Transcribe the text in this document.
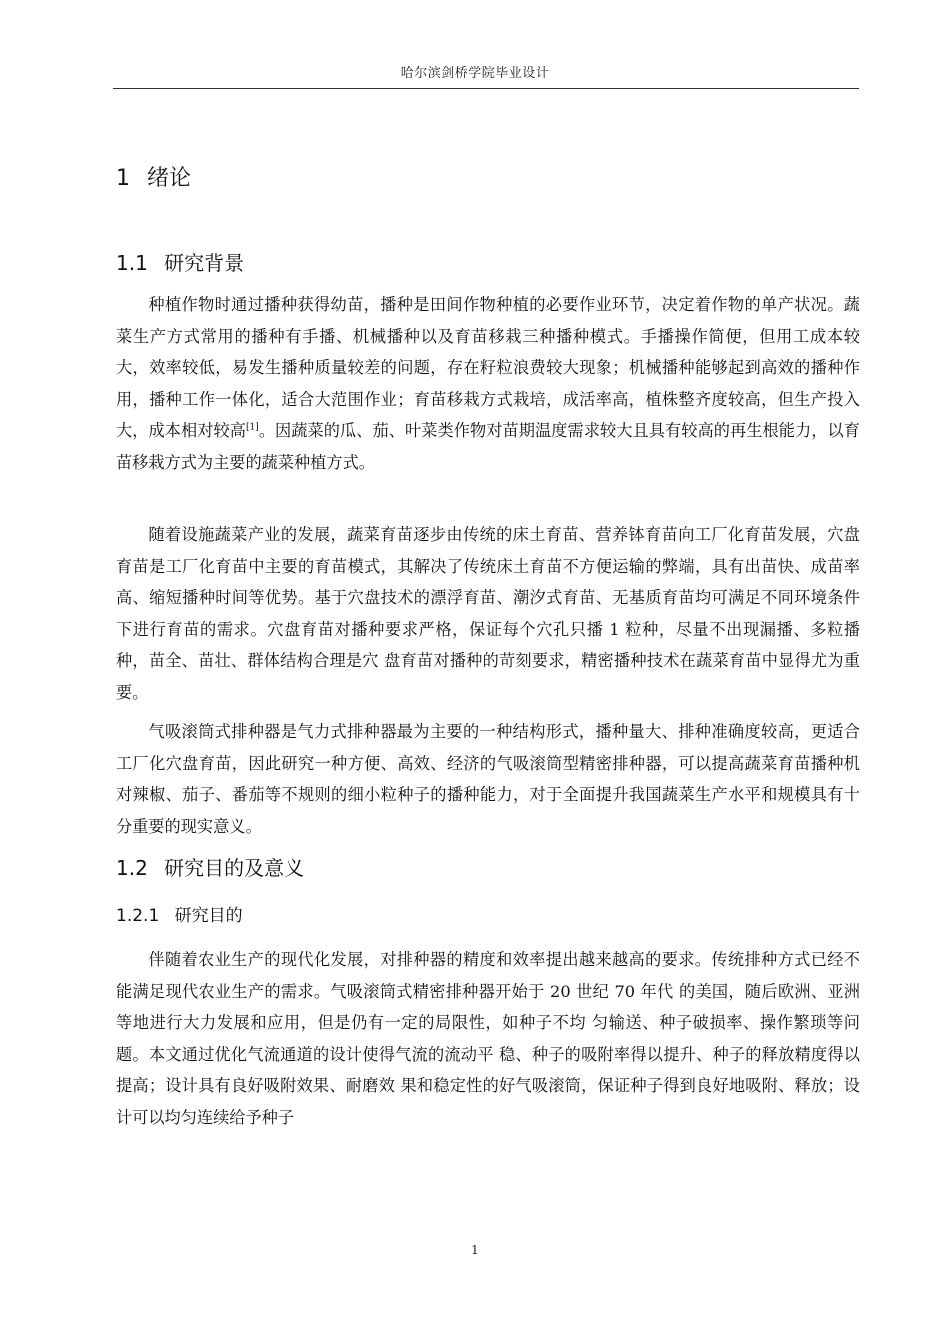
哈尔滨剑桥学院毕业设计
1 绪论
1.1 研究背景

种植作物时通过播种获得幼苗，播种是田间作物种植的必要作业环节，决定着作物的单产状况。蔬菜生产方式常用的播种有手播、机械播种以及育苗移栽三种播种模式。手播操作简便，但用工成本较大，效率较低，易发生播种质量较差的问题，存在籽粒浪费较大现象；机械播种能够起到高效的播种作用，播种工作一体化，适合大范围作业；育苗移栽方式栽培，成活率高，植株整齐度较高，但生产投入大，成本相对较高[1]。因蔬菜的瓜、茄、叶菜类作物对苗期温度需求较大且具有较高的再生根能力，以育苗移栽方式为主要的蔬菜种植方式。

随着设施蔬菜产业的发展，蔬菜育苗逐步由传统的床土育苗、营养钵育苗向工厂化育苗发展，穴盘育苗是工厂化育苗中主要的育苗模式，其解决了传统床土育苗不方便运输的弊端，具有出苗快、成苗率高、缩短播种时间等优势。基于穴盘技术的漂浮育苗、潮汐式育苗、无基质育苗均可满足不同环境条件下进行育苗的需求。穴盘育苗对播种要求严格，保证每个穴孔只播 1 粒种，尽量不出现漏播、多粒播种，苗全、苗壮、群体结构合理是穴 盘育苗对播种的苛刻要求，精密播种技术在蔬菜育苗中显得尤为重要。

气吸滚筒式排种器是气力式排种器最为主要的一种结构形式，播种量大、排种准确度较高，更适合工厂化穴盘育苗，因此研究一种方便、高效、经济的气吸滚筒型精密排种器，可以提高蔬菜育苗播种机对辣椒、茄子、番茄等不规则的细小粒种子的播种能力，对于全面提升我国蔬菜生产水平和规模具有十分重要的现实意义。

1.2 研究目的及意义
1.2.1 研究目的

伴随着农业生产的现代化发展，对排种器的精度和效率提出越来越高的要求。传统排种方式已经不能满足现代农业生产的需求。气吸滚筒式精密排种器开始于 20 世纪 70 年代 的美国，随后欧洲、亚洲等地进行大力发展和应用，但是仍有一定的局限性，如种子不均 匀输送、种子破损率、操作繁琐等问题。本文通过优化气流通道的设计使得气流的流动平 稳、种子的吸附率得以提升、种子的释放精度得以提高；设计具有良好吸附效果、耐磨效 果和稳定性的好气吸滚筒，保证种子得到良好地吸附、释放；设计可以均匀连续给予种子

1
